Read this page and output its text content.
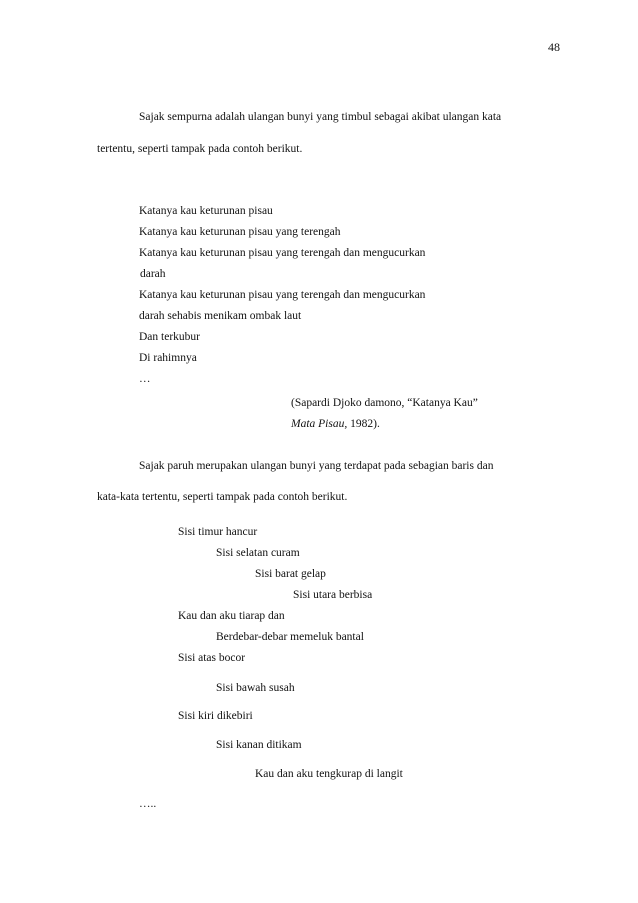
48
Sajak sempurna adalah ulangan bunyi yang timbul sebagai akibat ulangan kata
tertentu, seperti tampak pada contoh berikut.
Katanya kau keturunan pisau
Katanya kau keturunan pisau yang terengah
Katanya kau keturunan pisau yang terengah dan mengucurkan
darah
Katanya kau keturunan pisau yang terengah dan mengucurkan
darah sehabis menikam ombak laut
Dan terkubur
Di rahimnya
…
(Sapardi Djoko damono, “Katanya Kau”
Mata Pisau, 1982).
Sajak paruh merupakan ulangan bunyi yang terdapat pada sebagian baris dan
kata-kata tertentu, seperti tampak pada contoh berikut.
Sisi timur hancur
Sisi selatan curam
Sisi barat gelap
Sisi utara berbisa
Kau dan aku tiarap dan
Berdebar-debar memeluk bantal
Sisi atas bocor
Sisi bawah susah
Sisi kiri dikebiri
Sisi kanan ditikam
Kau dan aku tengkurap di langit
…..
